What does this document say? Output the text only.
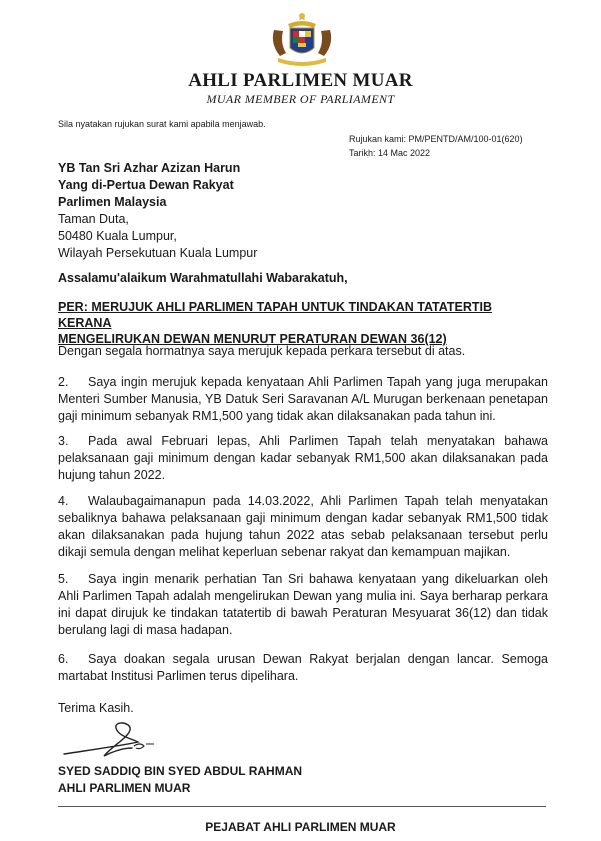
AHLI PARLIMEN MUAR
MUAR MEMBER OF PARLIAMENT
Sila nyatakan rujukan surat kami apabila menjawab.
Rujukan kami: PM/PENTD/AM/100-01(620)
Tarikh: 14 Mac 2022
YB Tan Sri Azhar Azizan Harun
Yang di-Pertua Dewan Rakyat
Parlimen Malaysia
Taman Duta,
50480 Kuala Lumpur,
Wilayah Persekutuan Kuala Lumpur
Assalamu'alaikum Warahmatullahi Wabarakatuh,
PER: MERUJUK AHLI PARLIMEN TAPAH UNTUK TINDAKAN TATATERTIB KERANA
MENGELIRUKAN DEWAN MENURUT PERATURAN DEWAN 36(12)
Dengan segala hormatnya saya merujuk kepada perkara tersebut di atas.
2. Saya ingin merujuk kepada kenyataan Ahli Parlimen Tapah yang juga merupakan Menteri Sumber Manusia, YB Datuk Seri Saravanan A/L Murugan berkenaan penetapan gaji minimum sebanyak RM1,500 yang tidak akan dilaksanakan pada tahun ini.
3. Pada awal Februari lepas, Ahli Parlimen Tapah telah menyatakan bahawa pelaksanaan gaji minimum dengan kadar sebanyak RM1,500 akan dilaksanakan pada hujung tahun 2022.
4. Walaubagaimanapun pada 14.03.2022, Ahli Parlimen Tapah telah menyatakan sebaliknya bahawa pelaksanaan gaji minimum dengan kadar sebanyak RM1,500 tidak akan dilaksanakan pada hujung tahun 2022 atas sebab pelaksanaan tersebut perlu dikaji semula dengan melihat keperluan sebenar rakyat dan kemampuan majikan.
5. Saya ingin menarik perhatian Tan Sri bahawa kenyataan yang dikeluarkan oleh Ahli Parlimen Tapah adalah mengelirukan Dewan yang mulia ini. Saya berharap perkara ini dapat dirujuk ke tindakan tatatertib di bawah Peraturan Mesyuarat 36(12) dan tidak berulang lagi di masa hadapan.
6. Saya doakan segala urusan Dewan Rakyat berjalan dengan lancar. Semoga martabat Institusi Parlimen terus dipelihara.
Terima Kasih.
SYED SADDIQ BIN SYED ABDUL RAHMAN
AHLI PARLIMEN MUAR
PEJABAT AHLI PARLIMEN MUAR
